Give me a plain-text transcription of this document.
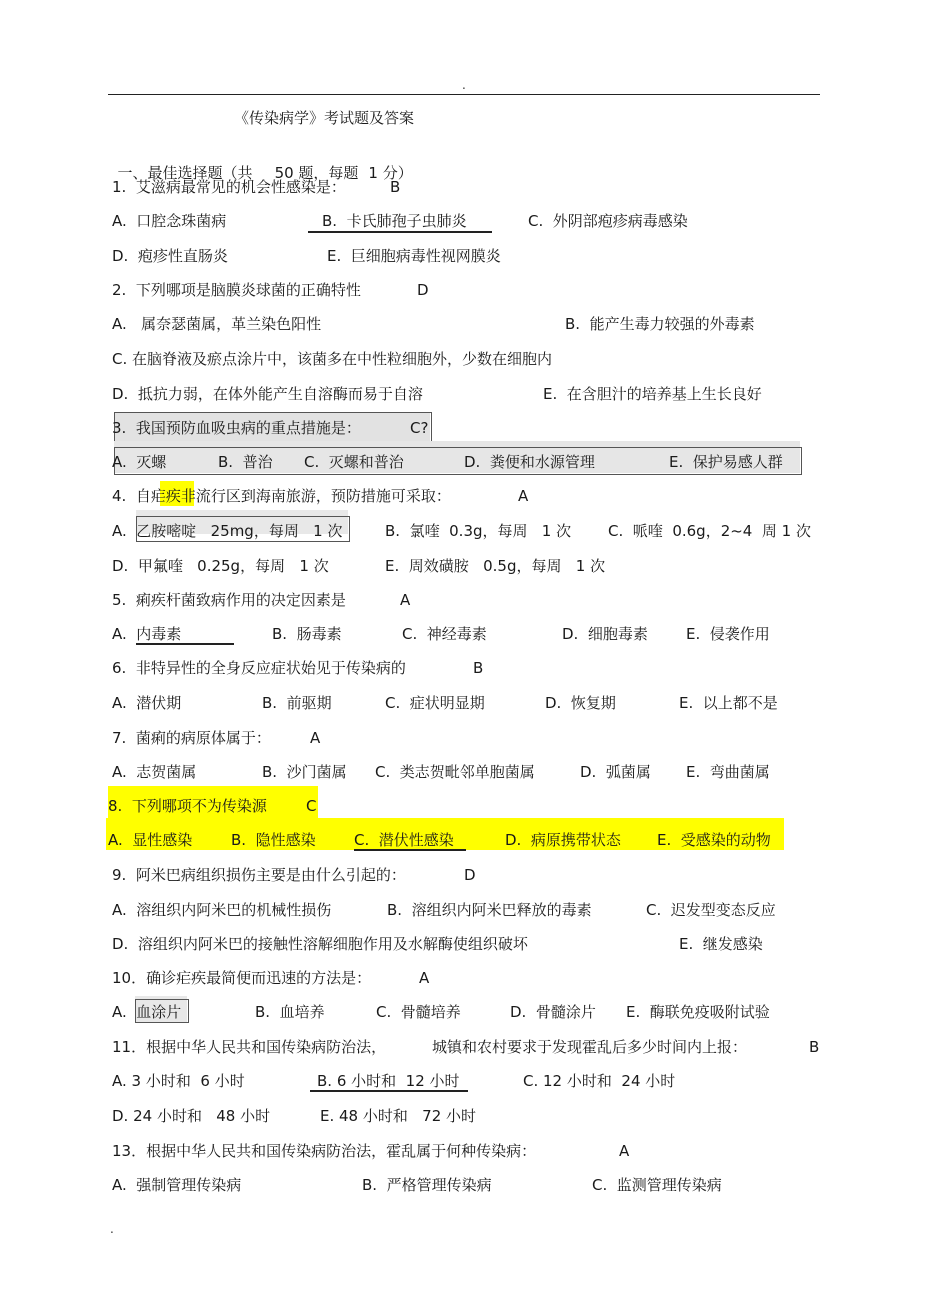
.
《传染病学》考试题及答案

一、最佳选择题（共 50 题，每题 1 分）

1.  艾滋病最常见的机会性感染是：	B
A.  口腔念珠菌病	B.  卡氏肺孢子虫肺炎	C.  外阴部疱疹病毒感染
D.  疱疹性直肠炎	E.  巨细胞病毒性视网膜炎
2.  下列哪项是脑膜炎球菌的正确特性	D
A.   属奈瑟菌属，革兰染色阳性	B.  能产生毒力较强的外毒素
C. 在脑脊液及瘀点涂片中，该菌多在中性粒细胞外，少数在细胞内
D.  抵抗力弱，在体外能产生自溶酶而易于自溶	E.  在含胆汁的培养基上生长良好
3.  我国预防血吸虫病的重点措施是：	C?
A.  灭螺	B.  普治 C.  灭螺和普治	D.  粪便和水源管理	E.  保护易感人群
4.  自疟疾非流行区到海南旅游，预防措施可采取：	A
A.  乙胺嘧啶   25mg，每周   1 次	B.  氯喹  0.3g，每周   1 次 C.  哌喹  0.6g，2~4  周 1 次
D.  甲氟喹   0.25g，每周   1 次	E.  周效磺胺   0.5g，每周   1 次
5.  痢疾杆菌致病作用的决定因素是	A
A.  内毒素	B.  肠毒素	C.  神经毒素	D.  细胞毒素	E.  侵袭作用
6.  非特异性的全身反应症状始见于传染病的	B
A.  潜伏期	B.  前驱期	C.  症状明显期	D.  恢复期	E.  以上都不是
7.  菌痢的病原体属于：	A
A.  志贺菌属	B.  沙门菌属 C.  类志贺毗邻单胞菌属	D.  弧菌属 E.  弯曲菌属
8.  下列哪项不为传染源	C
A.  显性感染	B.  隐性感染	C.  潜伏性感染	D.  病原携带状态 E.  受感染的动物
9.  阿米巴病组织损伤主要是由什么引起的：	D
A.  溶组织内阿米巴的机械性损伤	B.  溶组织内阿米巴释放的毒素	C.  迟发型变态反应
D.  溶组织内阿米巴的接触性溶解细胞作用及水解酶使组织破坏	E.  继发感染
10．确诊疟疾最简便而迅速的方法是：	A
A.  血涂片	B.  血培养	C.  骨髓培养	D.  骨髓涂片 E.  酶联免疫吸附试验
11．根据中华人民共和国传染病防治法，	城镇和农村要求于发现霍乱后多少时间内上报：	B
A. 3 小时和  6 小时	B. 6 小时和  12 小时	C. 12 小时和  24 小时
D. 24 小时和   48 小时	E. 48 小时和   72 小时
13．根据中华人民共和国传染病防治法，霍乱属于何种传染病：	A
A.  强制管理传染病	B.  严格管理传染病	C.  监测管理传染病
.
